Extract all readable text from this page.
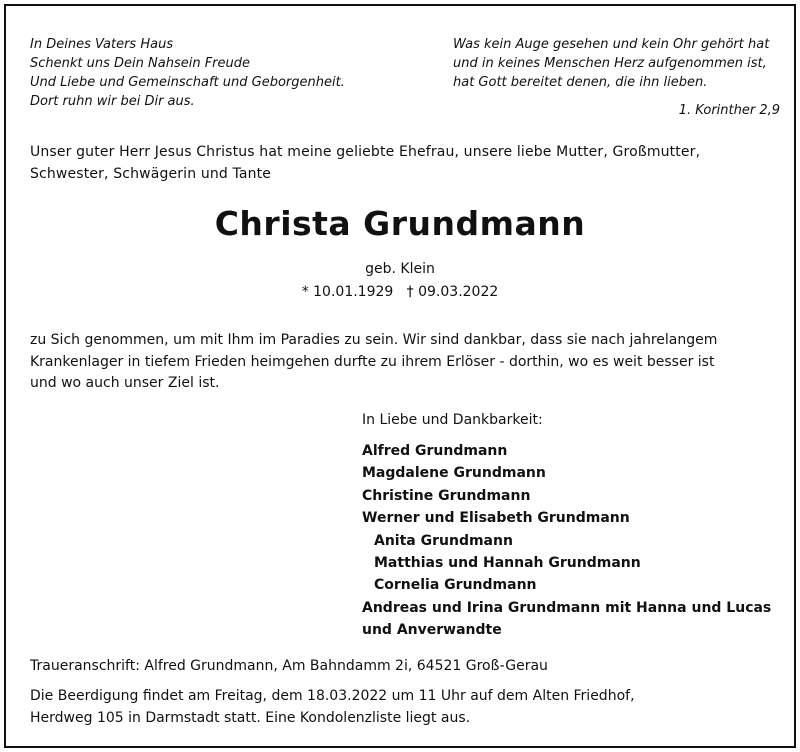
In Deines Vaters Haus
Schenkt uns Dein Nahsein Freude
Und Liebe und Gemeinschaft und Geborgenheit.
Dort ruhn wir bei Dir aus.
Was kein Auge gesehen und kein Ohr gehört hat
und in keines Menschen Herz aufgenommen ist,
hat Gott bereitet denen, die ihn lieben.
1. Korinther 2,9
Unser guter Herr Jesus Christus hat meine geliebte Ehefrau, unsere liebe Mutter, Großmutter,
Schwester, Schwägerin und Tante
Christa Grundmann
geb. Klein
* 10.01.1929   † 09.03.2022
zu Sich genommen, um mit Ihm im Paradies zu sein. Wir sind dankbar, dass sie nach jahrelangem
Krankenlager in tiefem Frieden heimgehen durfte zu ihrem Erlöser - dorthin, wo es weit besser ist
und wo auch unser Ziel ist.
In Liebe und Dankbarkeit:
Alfred Grundmann
Magdalene Grundmann
Christine Grundmann
Werner und Elisabeth Grundmann
Anita Grundmann
Matthias und Hannah Grundmann
Cornelia Grundmann
Andreas und Irina Grundmann mit Hanna und Lucas
und Anverwandte
Traueranschrift: Alfred Grundmann, Am Bahndamm 2i, 64521 Groß-Gerau
Die Beerdigung findet am Freitag, dem 18.03.2022 um 11 Uhr auf dem Alten Friedhof,
Herdweg 105 in Darmstadt statt. Eine Kondolenzliste liegt aus.
